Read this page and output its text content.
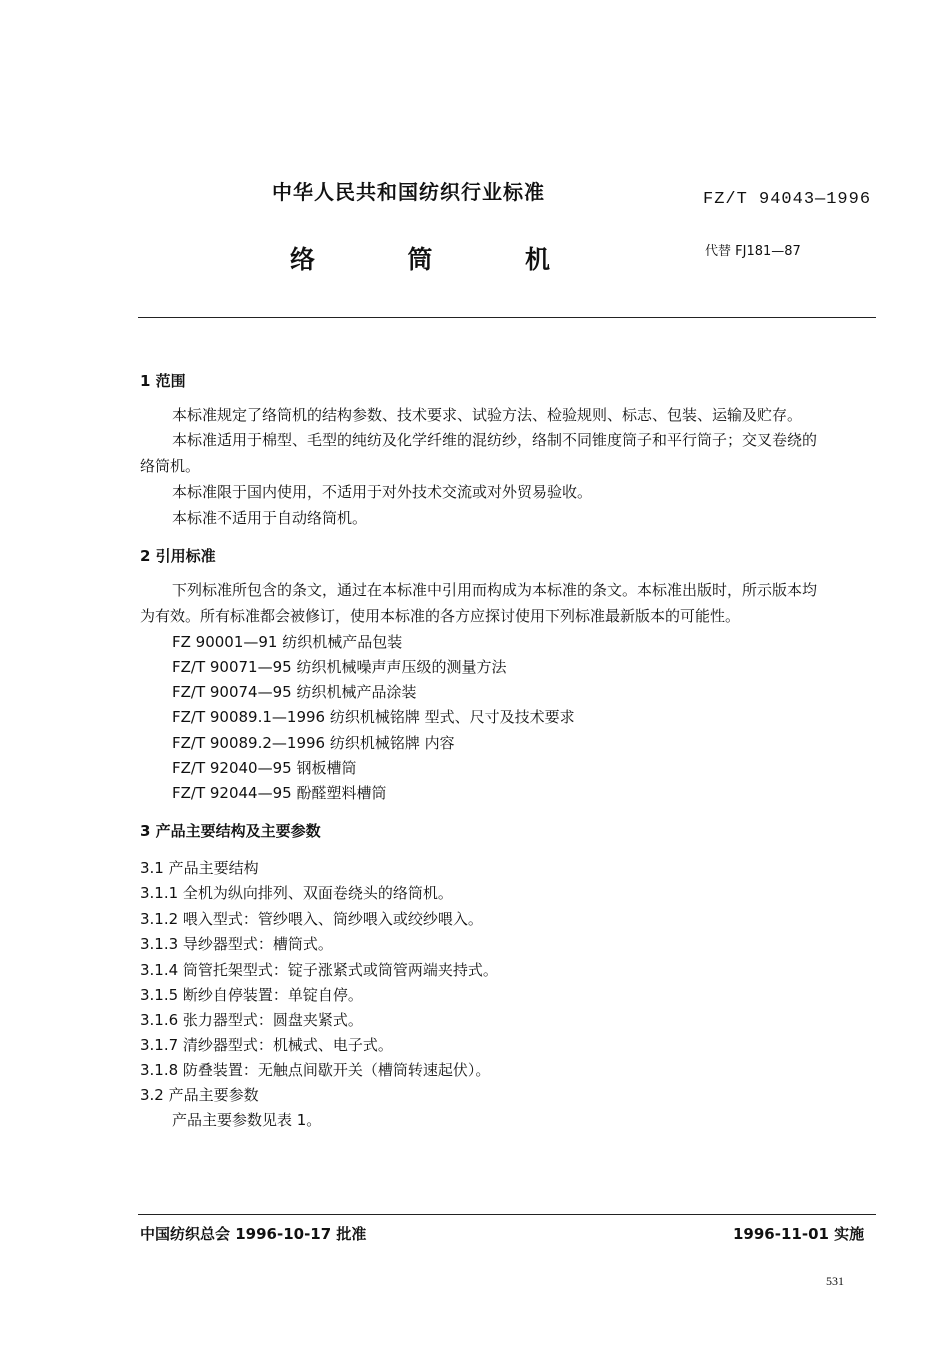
中华人民共和国纺织行业标准	FZ/T 94043—1996
络	筒	机	代替 FJ181—87
1 范围
本标准规定了络筒机的结构参数、技术要求、试验方法、检验规则、标志、包装、运输及贮存。
本标准适用于棉型、毛型的纯纺及化学纤维的混纺纱，络制不同锥度筒子和平行筒子；交叉卷绕的
络筒机。
本标准限于国内使用，不适用于对外技术交流或对外贸易验收。
本标准不适用于自动络筒机。
2 引用标准
下列标准所包含的条文，通过在本标准中引用而构成为本标准的条文。本标准出版时，所示版本均
为有效。所有标准都会被修订，使用本标准的各方应探讨使用下列标准最新版本的可能性。
FZ 90001—91 纺织机械产品包装
FZ/T 90071—95 纺织机械噪声声压级的测量方法
FZ/T 90074—95 纺织机械产品涂装
FZ/T 90089.1—1996 纺织机械铭牌 型式、尺寸及技术要求
FZ/T 90089.2—1996 纺织机械铭牌 内容
FZ/T 92040—95 钢板槽筒
FZ/T 92044—95 酚醛塑料槽筒
3 产品主要结构及主要参数
3.1 产品主要结构
3.1.1 全机为纵向排列、双面卷绕头的络筒机。
3.1.2 喂入型式：管纱喂入、筒纱喂入或绞纱喂入。
3.1.3 导纱器型式：槽筒式。
3.1.4 筒管托架型式：锭子涨紧式或筒管两端夹持式。
3.1.5 断纱自停装置：单锭自停。
3.1.6 张力器型式：圆盘夹紧式。
3.1.7 清纱器型式：机械式、电子式。
3.1.8 防叠装置：无触点间歇开关（槽筒转速起伏）。
3.2 产品主要参数
产品主要参数见表 1。
中国纺织总会 1996-10-17 批准	1996-11-01 实施
531
